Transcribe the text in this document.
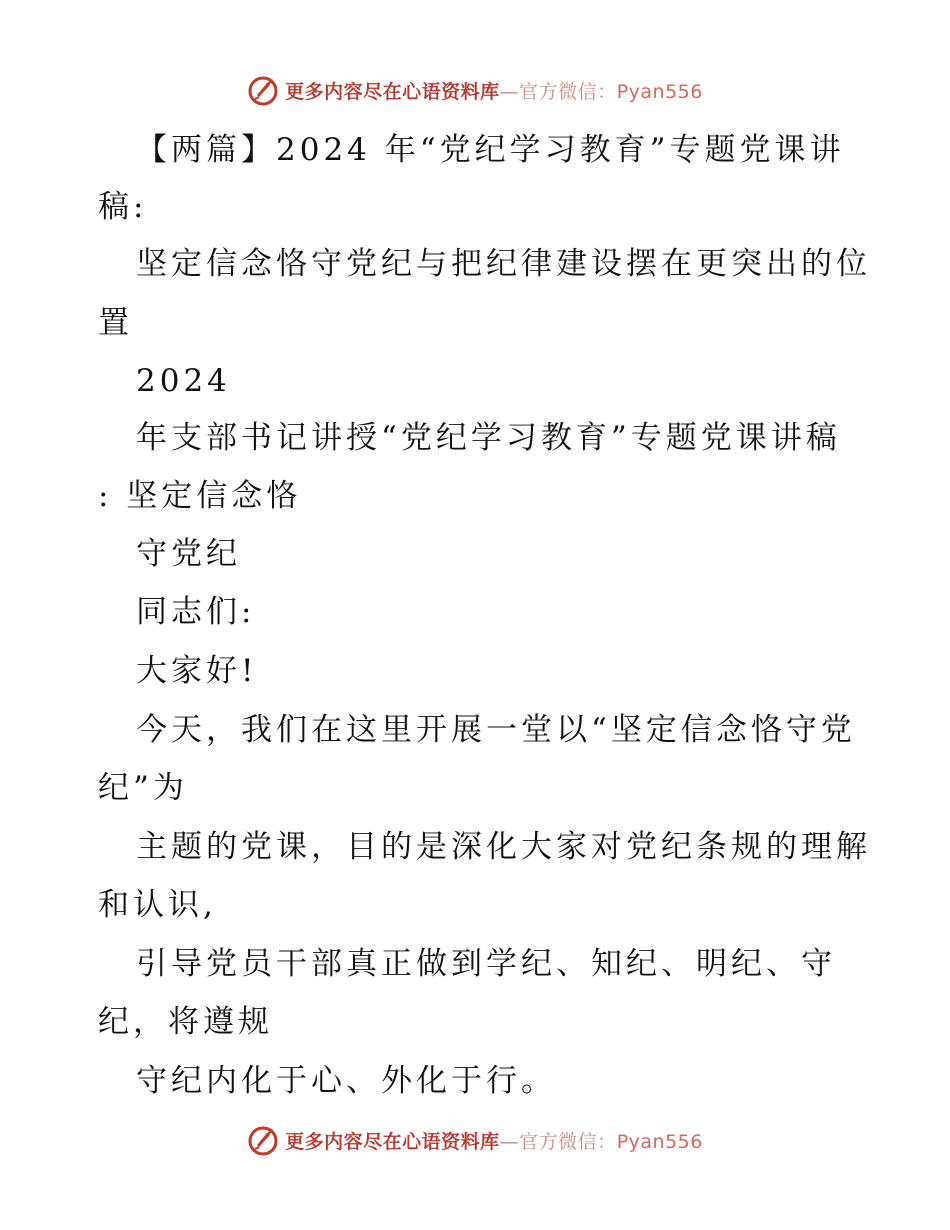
更多内容尽在心语资料库—官方微信：Pyan556
【两篇】2024 年“党纪学习教育”专题党课讲
稿:
坚定信念恪守党纪与把纪律建设摆在更突出的位
置
2024
年支部书记讲授“党纪学习教育”专题党课讲稿
: 坚定信念恪
守党纪
同志们:
大家好!
今天，我们在这里开展一堂以“坚定信念恪守党
纪”为
主题的党课，目的是深化大家对党纪条规的理解
和认识,
引导党员干部真正做到学纪、知纪、明纪、守
纪，将遵规
守纪内化于心、外化于行。
更多内容尽在心语资料库—官方微信：Pyan556
